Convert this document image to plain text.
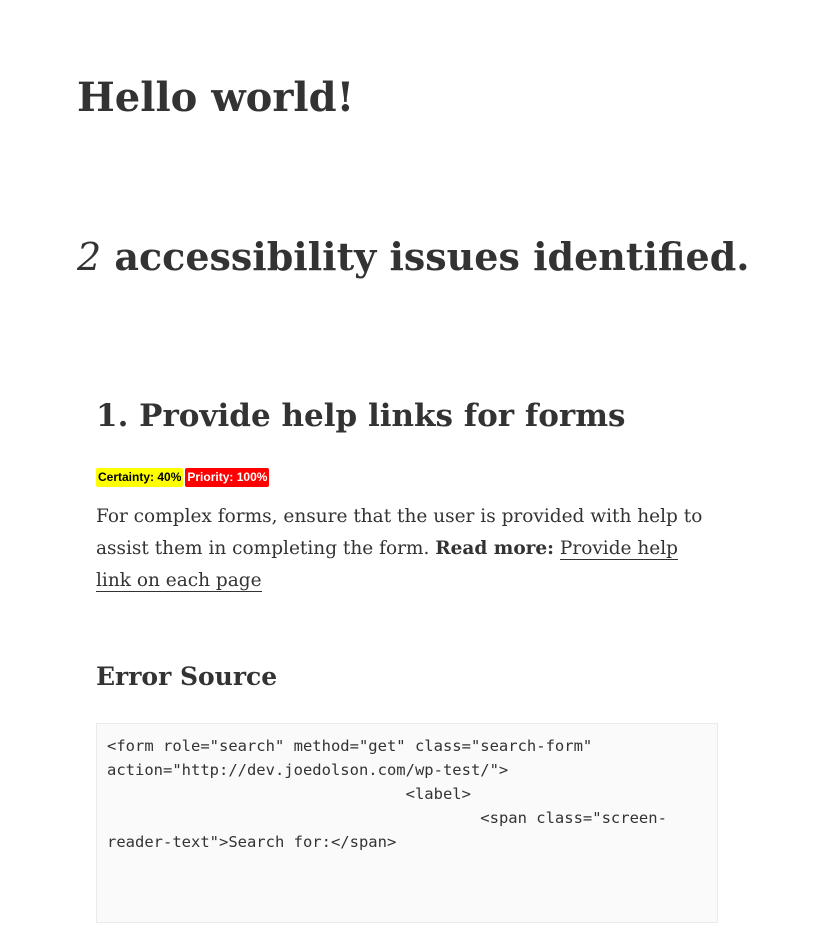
Hello world!
2 accessibility issues identified.
1. Provide help links for forms
Certainty: 40% Priority: 100%

For complex forms, ensure that the user is provided with help to assist them in completing the form. Read more: Provide help link on each page

Error Source
<form role="search" method="get" class="search-form"
action="http://dev.joedolson.com/wp-test/">
<label>
<span class="screen-
reader-text">Search for:</span>
